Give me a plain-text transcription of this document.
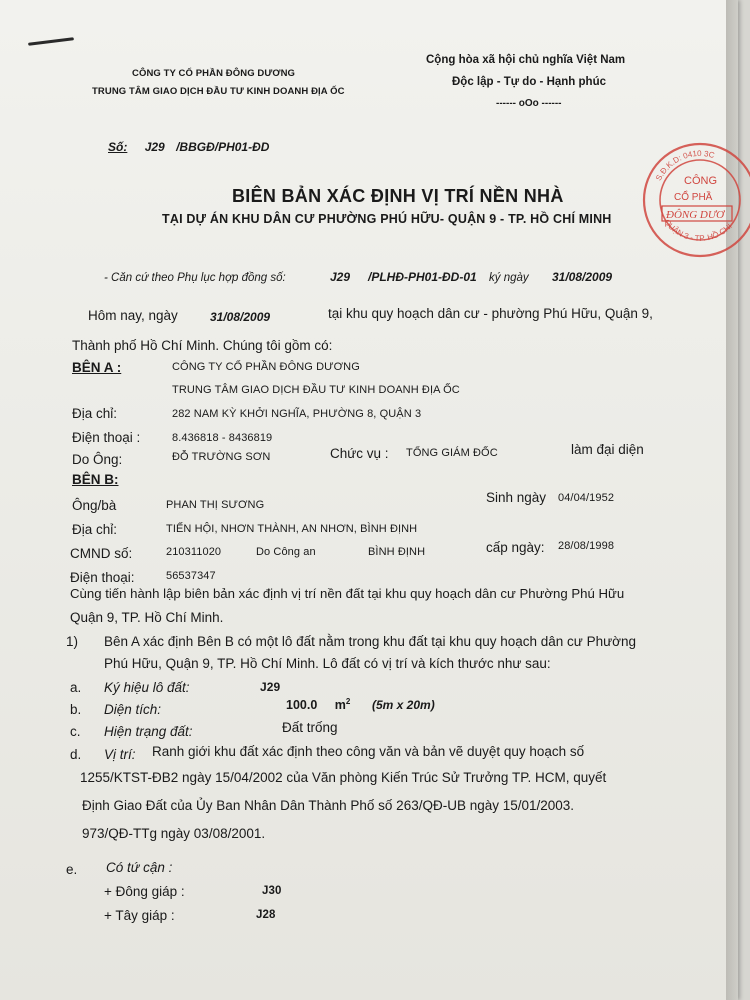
CÔNG TY CỔ PHẦN ĐÔNG DƯƠNG
TRUNG TÂM GIAO DỊCH ĐẦU TƯ KINH DOANH ĐỊA ỐC
Cộng hòa xã hội chủ nghĩa Việt Nam
Độc lập - Tự do - Hạnh phúc
------ oOo ------
Số: J29 /BBGĐ/PH01-ĐD
BIÊN BẢN XÁC ĐỊNH VỊ TRÍ NỀN NHÀ
TẠI DỰ ÁN KHU DÂN CƯ PHƯỜNG PHÚ HỮU- QUẬN 9 - TP. HỒ CHÍ MINH
S.Đ.K.D: 0410 3C
QUẬN 3 - TP. HỒ CHÍ
CÔNG
CỔ PHẦ
ĐÔNG DƯƠ
- Căn cứ theo Phụ lục hợp đồng số:	J29 /PLHĐ-PH01-ĐD-01 ký ngày 31/08/2009
Hôm nay, ngày	31/08/2009	tại khu quy hoạch dân cư - phường Phú Hữu, Quận 9,
Thành phố Hồ Chí Minh. Chúng tôi gồm có:
BÊN A :	CÔNG TY CỔ PHẦN ĐÔNG DƯƠNG
TRUNG TÂM GIAO DỊCH ĐẦU TƯ KINH DOANH ĐỊA ỐC
Địa chỉ:	282 NAM KỲ KHỞI NGHĨA, PHƯỜNG 8, QUẬN 3
Điện thoại :	8.436818 - 8436819
Do Ông:	ĐỖ TRƯỜNG SƠN	Chức vụ : TỔNG GIÁM ĐỐC	làm đại diện
BÊN B:
Ông/bà	PHAN THỊ SƯƠNG	Sinh ngày 04/04/1952
Địa chỉ:	TIẾN HỘI, NHƠN THÀNH, AN NHƠN, BÌNH ĐỊNH
CMND số:	210311020	Do Công an	BÌNH ĐỊNH	cấp ngày: 28/08/1998
Điện thoại:	56537347
Cùng tiến hành lập biên bản xác định vị trí nền đất tại khu quy hoạch dân cư Phường Phú Hữu
Quận 9, TP. Hồ Chí Minh.
1) Bên A xác định Bên B có một lô đất nằm trong khu đất tại khu quy hoạch dân cư Phường
Phú Hữu, Quận 9, TP. Hồ Chí Minh. Lô đất có vị trí và kích thước như sau:
a. Ký hiệu lô đất:	J29
b. Diện tích:	100.0 $m^2$ (5m x 20m)
c. Hiện trạng đất:	Đất trống
d. Vị trí: Ranh giới khu đất xác định theo công văn và bản vẽ duyệt quy hoạch số
1255/KTST-ĐB2 ngày 15/04/2002 của Văn phòng Kiến Trúc Sử Trưởng TP. HCM, quyết
Định Giao Đất của Ủy Ban Nhân Dân Thành Phố số 263/QĐ-UB ngày 15/01/2003.
973/QĐ-TTg ngày 03/08/2001.
e. Có tứ cận :
+ Đông giáp :	J30
+ Tây giáp :	J28
